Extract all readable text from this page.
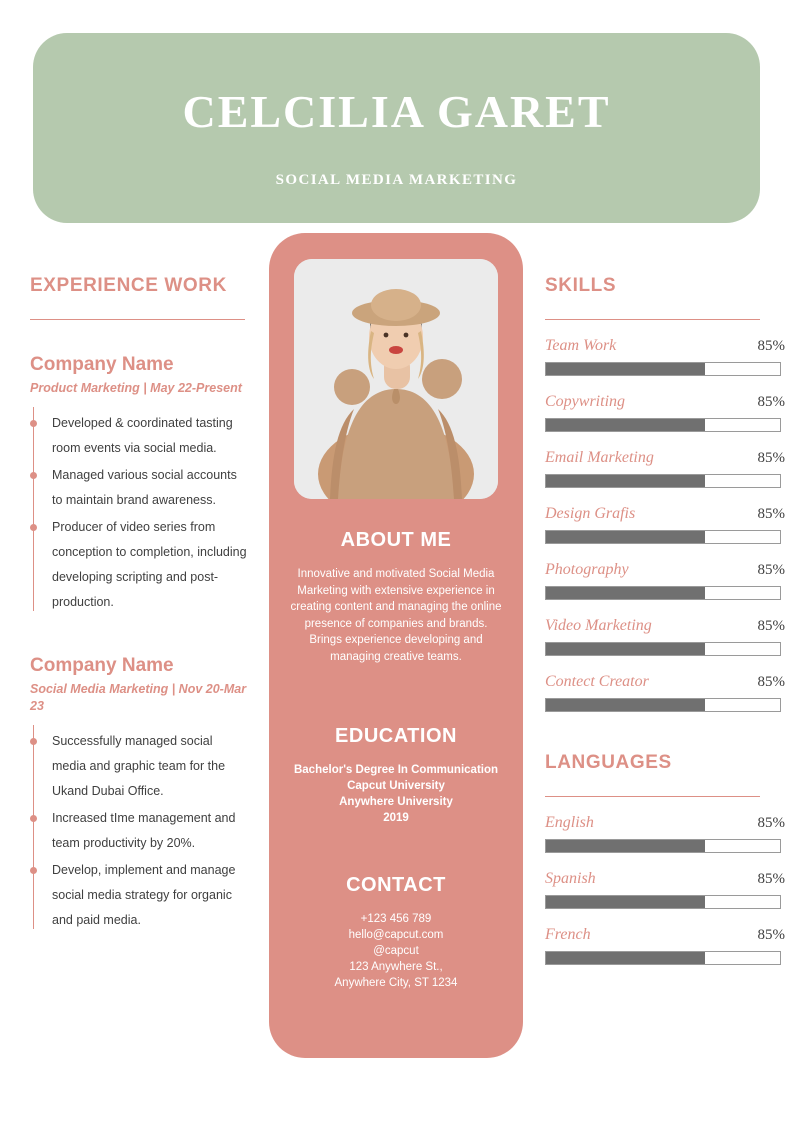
CELCILIA GARET
SOCIAL MEDIA MARKETING
EXPERIENCE WORK
Company Name
Product Marketing | May 22-Present
Developed & coordinated tasting room events via social media.
Managed various social accounts to maintain brand awareness.
Producer of video series from conception to completion, including developing scripting and post-production.
Company Name
Social Media Marketing | Nov 20-Mar 23
Successfully managed social media and graphic team for the Ukand Dubai Office.
Increased tIme management and team productivity by 20%.
Develop, implement and manage social media strategy for organic and paid media.
ABOUT ME
Innovative and motivated Social Media Marketing with extensive experience in creating content and managing the online presence of companies and brands. Brings experience developing and managing creative teams.
EDUCATION
Bachelor's Degree In Communication
Capcut University
Anywhere University
2019
CONTACT
+123 456 789
hello@capcut.com
@capcut
123 Anywhere St.,
Anywhere City, ST 1234
SKILLS
Team Work	85%
Copywriting	85%
Email Marketing	85%
Design Grafis	85%
Photography	85%
Video Marketing	85%
Contect Creator	85%
LANGUAGES
English	85%
Spanish	85%
French	85%
